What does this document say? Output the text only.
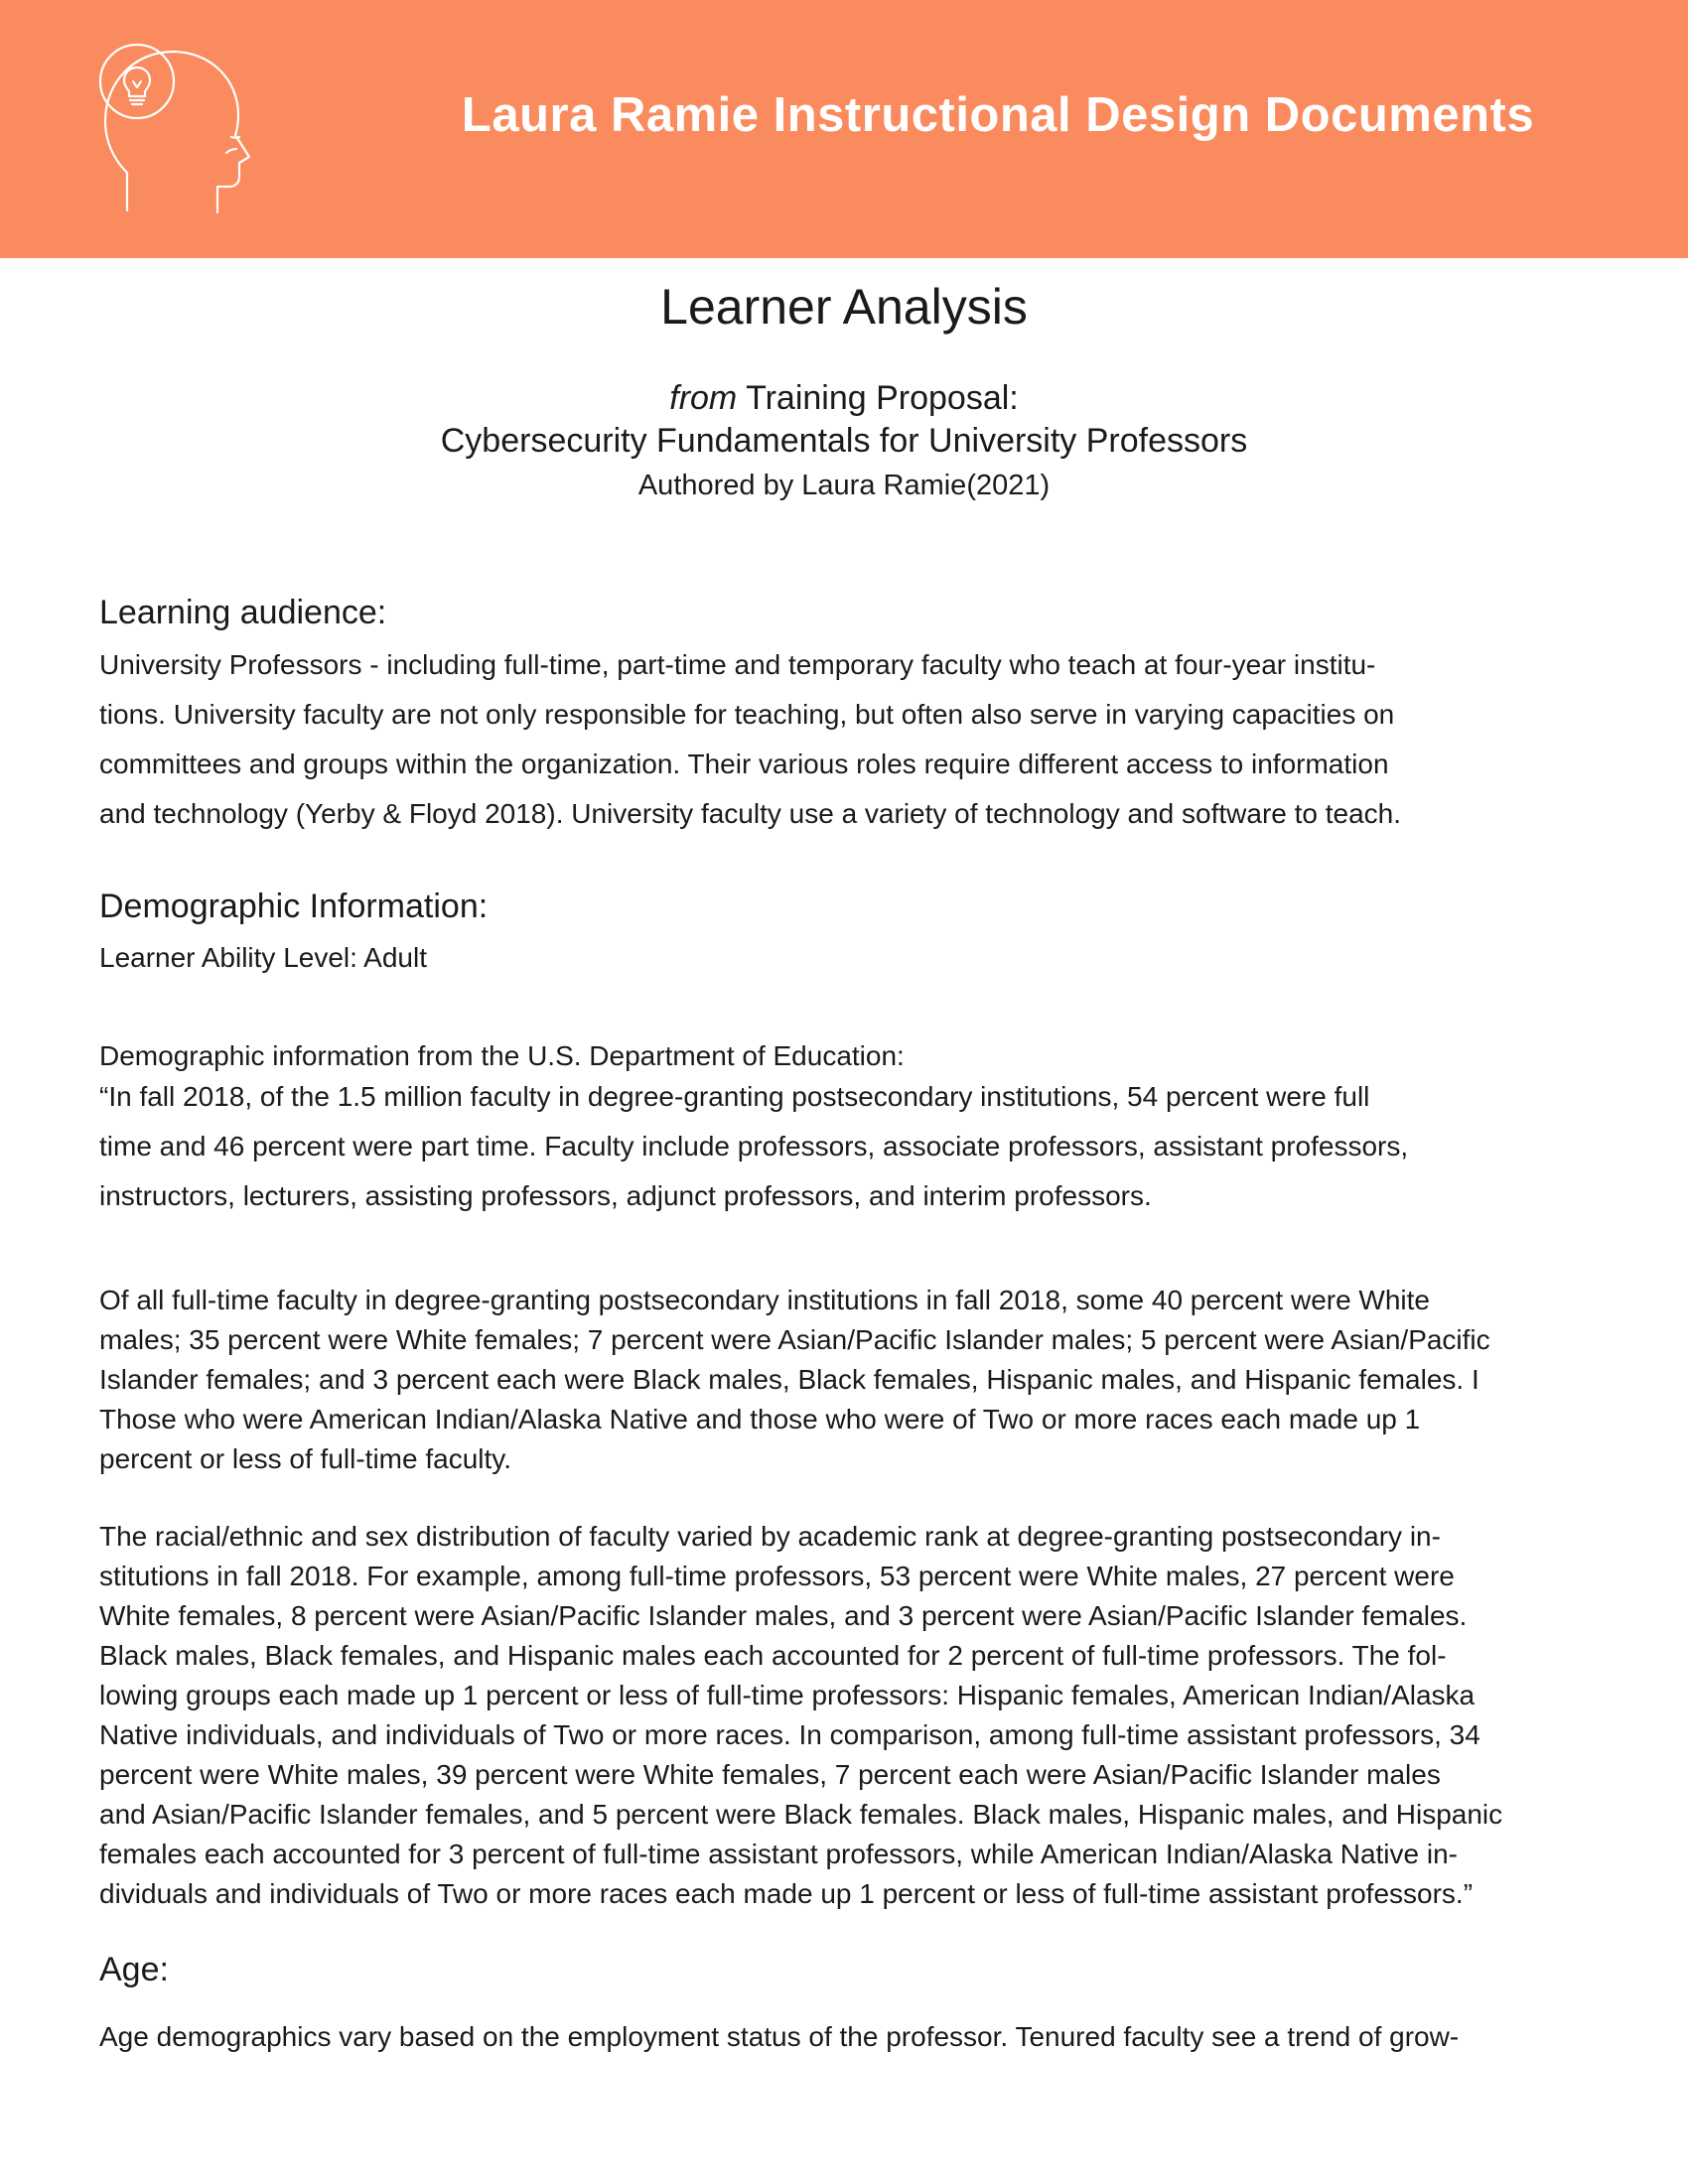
Laura Ramie Instructional Design Documents
Learner Analysis
from Training Proposal:
Cybersecurity Fundamentals for University Professors
Authored by Laura Ramie(2021)
Learning audience:

University Professors - including full-time, part-time and temporary faculty who teach at four-year institu-

tions. University faculty are not only responsible for teaching, but often also serve in varying capacities on

committees and groups within the organization. Their various roles require different access to information

and technology (Yerby & Floyd 2018). University faculty use a variety of technology and software to teach.

Demographic Information:

Learner Ability Level: Adult

Demographic information from the U.S. Department of Education:

“In fall 2018, of the 1.5 million faculty in degree-granting postsecondary institutions, 54 percent were full

time and 46 percent were part time. Faculty include professors, associate professors, assistant professors,

instructors, lecturers, assisting professors, adjunct professors, and interim professors.

Of all full-time faculty in degree-granting postsecondary institutions in fall 2018, some 40 percent were White

males; 35 percent were White females; 7 percent were Asian/Pacific Islander males; 5 percent were Asian/Pacific

Islander females; and 3 percent each were Black males, Black females, Hispanic males, and Hispanic females. I

Those who were American Indian/Alaska Native and those who were of Two or more races each made up 1

percent or less of full-time faculty.

The racial/ethnic and sex distribution of faculty varied by academic rank at degree-granting postsecondary in-

stitutions in fall 2018. For example, among full-time professors, 53 percent were White males, 27 percent were

White females, 8 percent were Asian/Pacific Islander males, and 3 percent were Asian/Pacific Islander females.

Black males, Black females, and Hispanic males each accounted for 2 percent of full-time professors. The fol-

lowing groups each made up 1 percent or less of full-time professors: Hispanic females, American Indian/Alaska

Native individuals, and individuals of Two or more races. In comparison, among full-time assistant professors, 34

percent were White males, 39 percent were White females, 7 percent each were Asian/Pacific Islander males

and Asian/Pacific Islander females, and 5 percent were Black females. Black males, Hispanic males, and Hispanic

females each accounted for 3 percent of full-time assistant professors, while American Indian/Alaska Native in-

dividuals and individuals of Two or more races each made up 1 percent or less of full-time assistant professors.”

Age:

Age demographics vary based on the employment status of the professor. Tenured faculty see a trend of grow-
